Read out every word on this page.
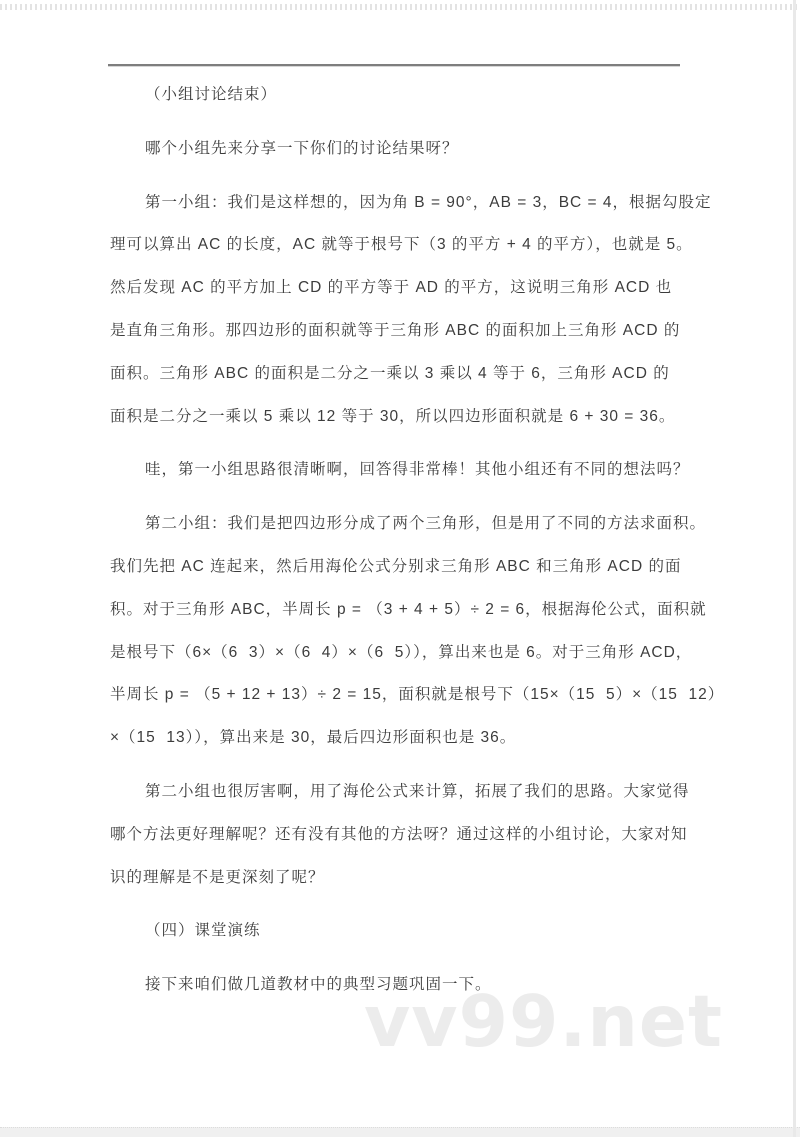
vv99.net
（小组讨论结束）
哪个小组先来分享一下你们的讨论结果呀？
第一小组：我们是这样想的，因为角 B = 90°，AB = 3，BC = 4，根据勾股定
理可以算出 AC 的长度，AC 就等于根号下（3 的平方 + 4 的平方），也就是 5。
然后发现 AC 的平方加上 CD 的平方等于 AD 的平方，这说明三角形 ACD 也
是直角三角形。那四边形的面积就等于三角形 ABC 的面积加上三角形 ACD 的
面积。三角形 ABC 的面积是二分之一乘以 3 乘以 4 等于 6，三角形 ACD 的
面积是二分之一乘以 5 乘以 12 等于 30，所以四边形面积就是 6 + 30 = 36。
哇，第一小组思路很清晰啊，回答得非常棒！其他小组还有不同的想法吗？
第二小组：我们是把四边形分成了两个三角形，但是用了不同的方法求面积。
我们先把 AC 连起来，然后用海伦公式分别求三角形 ABC 和三角形 ACD 的面
积。对于三角形 ABC，半周长 p = （3 + 4 + 5）÷ 2 = 6，根据海伦公式，面积就
是根号下（6×（6  3）×（6  4）×（6  5）），算出来也是 6。对于三角形 ACD，
半周长 p = （5 + 12 + 13）÷ 2 = 15，面积就是根号下（15×（15  5）×（15  12）
×（15  13）），算出来是 30，最后四边形面积也是 36。
第二小组也很厉害啊，用了海伦公式来计算，拓展了我们的思路。大家觉得
哪个方法更好理解呢？还有没有其他的方法呀？通过这样的小组讨论，大家对知
识的理解是不是更深刻了呢？
（四）课堂演练
接下来咱们做几道教材中的典型习题巩固一下。
